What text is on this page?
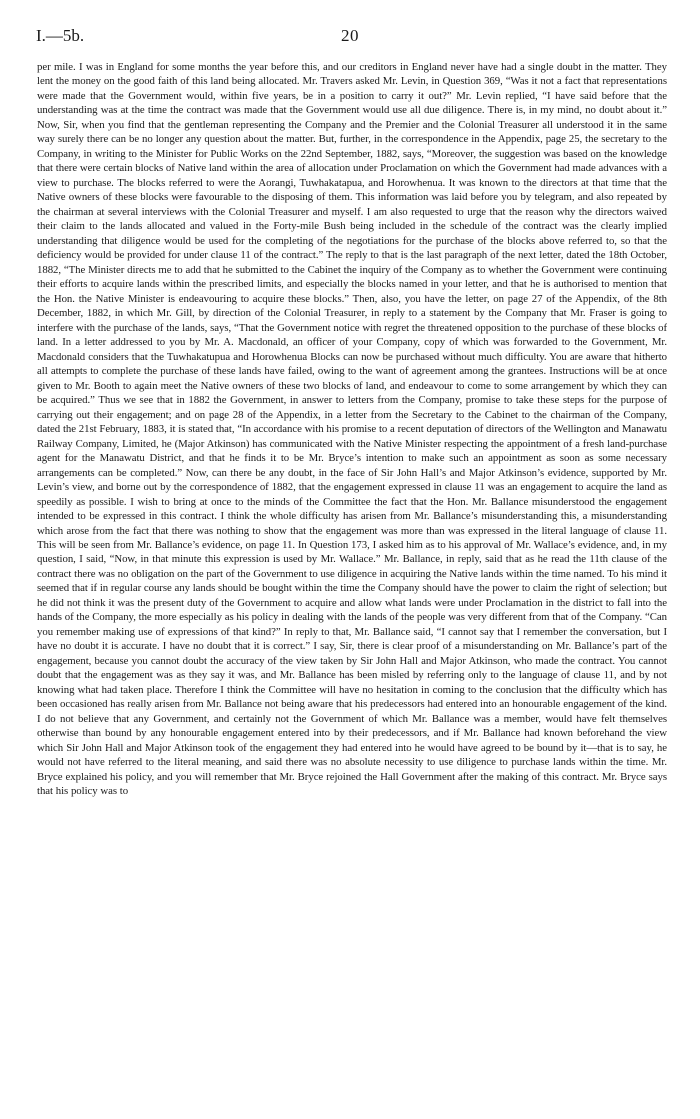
I.—5b.	20

per mile. I was in England for some months the year before this, and our creditors in England never have had a single doubt in the matter. They lent the money on the good faith of this land being allocated. Mr. Travers asked Mr. Levin, in Question 369, “Was it not a fact that representations were made that the Government would, within five years, be in a position to carry it out?” Mr. Levin replied, “I have said before that the understanding was at the time the contract was made that the Government would use all due diligence. There is, in my mind, no doubt about it.” Now, Sir, when you find that the gentleman representing the Company and the Premier and the Colonial Treasurer all understood it in the same way surely there can be no longer any question about the matter. But, further, in the correspondence in the Appendix, page 25, the secretary to the Company, in writing to the Minister for Public Works on the 22nd September, 1882, says, “Moreover, the suggestion was based on the knowledge that there were certain blocks of Native land within the area of allocation under Proclamation on which the Government had made advances with a view to purchase. The blocks referred to were the Aorangi, Tuwhakatapua, and Horowhenua. It was known to the directors at that time that the Native owners of these blocks were favourable to the disposing of them. This information was laid before you by telegram, and also repeated by the chairman at several interviews with the Colonial Treasurer and myself. I am also requested to urge that the reason why the directors waived their claim to the lands allocated and valued in the Forty-mile Bush being included in the schedule of the contract was the clearly implied understanding that diligence would be used for the completing of the negotiations for the purchase of the blocks above referred to, so that the deficiency would be provided for under clause 11 of the contract.” The reply to that is the last paragraph of the next letter, dated the 18th October, 1882, “The Minister directs me to add that he submitted to the Cabinet the inquiry of the Company as to whether the Government were continuing their efforts to acquire lands within the prescribed limits, and especially the blocks named in your letter, and that he is authorised to mention that the Hon. the Native Minister is endeavouring to acquire these blocks.” Then, also, you have the letter, on page 27 of the Appendix, of the 8th December, 1882, in which Mr. Gill, by direction of the Colonial Treasurer, in reply to a statement by the Company that Mr. Fraser is going to interfere with the purchase of the lands, says, “That the Government notice with regret the threatened opposition to the purchase of these blocks of land. In a letter addressed to you by Mr. A. Macdonald, an officer of your Company, copy of which was forwarded to the Government, Mr. Macdonald considers that the Tuwhakatupua and Horowhenua Blocks can now be purchased without much difficulty. You are aware that hitherto all attempts to complete the purchase of these lands have failed, owing to the want of agreement among the grantees. Instructions will be at once given to Mr. Booth to again meet the Native owners of these two blocks of land, and endeavour to come to some arrangement by which they can be acquired.” Thus we see that in 1882 the Government, in answer to letters from the Company, promise to take these steps for the purpose of carrying out their engagement; and on page 28 of the Appendix, in a letter from the Secretary to the Cabinet to the chairman of the Company, dated the 21st February, 1883, it is stated that, “In accordance with his promise to a recent deputation of directors of the Wellington and Manawatu Railway Company, Limited, he (Major Atkinson) has communicated with the Native Minister respecting the appointment of a fresh land-purchase agent for the Manawatu District, and that he finds it to be Mr. Bryce’s intention to make such an appointment as soon as some necessary arrangements can be completed.” Now, can there be any doubt, in the face of Sir John Hall’s and Major Atkinson’s evidence, supported by Mr. Levin’s view, and borne out by the correspondence of 1882, that the engagement expressed in clause 11 was an engagement to acquire the land as speedily as possible. I wish to bring at once to the minds of the Committee the fact that the Hon. Mr. Ballance misunderstood the engagement intended to be expressed in this contract. I think the whole difficulty has arisen from Mr. Ballance’s misunderstanding this, a misunderstanding which arose from the fact that there was nothing to show that the engagement was more than was expressed in the literal language of clause 11. This will be seen from Mr. Ballance’s evidence, on page 11. In Question 173, I asked him as to his approval of Mr. Wallace’s evidence, and, in my question, I said, “Now, in that minute this expression is used by Mr. Wallace.” Mr. Ballance, in reply, said that as he read the 11th clause of the contract there was no obligation on the part of the Government to use diligence in acquiring the Native lands within the time named. To his mind it seemed that if in regular course any lands should be bought within the time the Company should have the power to claim the right of selection; but he did not think it was the present duty of the Government to acquire and allow what lands were under Proclamation in the district to fall into the hands of the Company, the more especially as his policy in dealing with the lands of the people was very different from that of the Company. “Can you remember making use of expressions of that kind?” In reply to that, Mr. Ballance said, “I cannot say that I remember the conversation, but I have no doubt it is accurate. I have no doubt that it is correct.” I say, Sir, there is clear proof of a misunderstanding on Mr. Ballance’s part of the engagement, because you cannot doubt the accuracy of the view taken by Sir John Hall and Major Atkinson, who made the contract. You cannot doubt that the engagement was as they say it was, and Mr. Ballance has been misled by referring only to the language of clause 11, and by not knowing what had taken place. Therefore I think the Committee will have no hesitation in coming to the conclusion that the difficulty which has been occasioned has really arisen from Mr. Ballance not being aware that his predecessors had entered into an honourable engagement of the kind. I do not believe that any Government, and certainly not the Government of which Mr. Ballance was a member, would have felt themselves otherwise than bound by any honourable engagement entered into by their predecessors, and if Mr. Ballance had known beforehand the view which Sir John Hall and Major Atkinson took of the engagement they had entered into he would have agreed to be bound by it—that is to say, he would not have referred to the literal meaning, and said there was no absolute necessity to use diligence to purchase lands within the time. Mr. Bryce explained his policy, and you will remember that Mr. Bryce rejoined the Hall Government after the making of this contract. Mr. Bryce says that his policy was to
